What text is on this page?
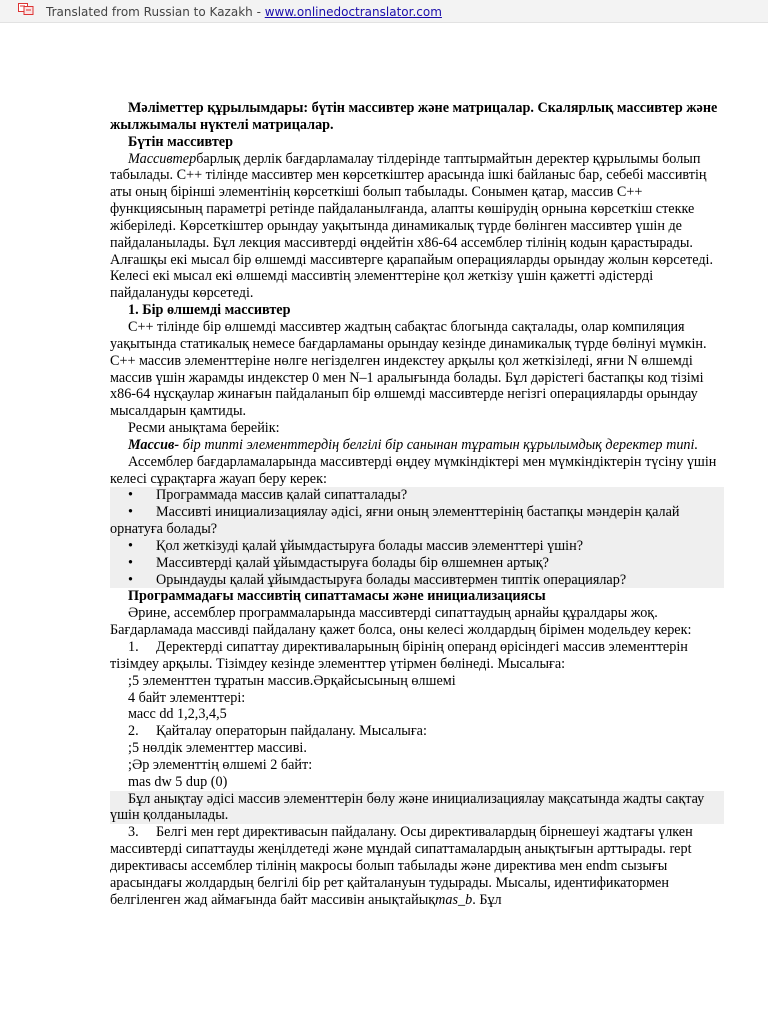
Translated from Russian to Kazakh - www.onlinedoctranslator.com

Мәліметтер құрылымдары: бүтін массивтер және матрицалар. Скалярлық массивтер және жылжымалы нүктелі матрицалар.

Бүтін массивтер

Массивтербарлық дерлік бағдарламалау тілдерінде таптырмайтын деректер құрылымы болып табылады. C++ тілінде массивтер мен көрсеткіштер арасында ішкі байланыс бар, себебі массивтің аты оның бірінші элементінің көрсеткіші болып табылады. Сонымен қатар, массив C++ функциясының параметрі ретінде пайдаланылғанда, алапты көшірудің орнына көрсеткіш стекке жіберіледі. Көрсеткіштер орындау уақытында динамикалық түрде бөлінген массивтер үшін де пайдаланылады. Бұл лекция массивтерді өңдейтін x86-64 ассемблер тілінің кодын қарастырады. Алғашқы екі мысал бір өлшемді массивтерге қарапайым операцияларды орындау жолын көрсетеді. Келесі екі мысал екі өлшемді массивтің элементтеріне қол жеткізу үшін қажетті әдістерді пайдалануды көрсетеді.

1. Бір өлшемді массивтер

C++ тілінде бір өлшемді массивтер жадтың сабақтас блогында сақталады, олар компиляция уақытында статикалық немесе бағдарламаны орындау кезінде динамикалық түрде бөлінуі мүмкін. C++ массив элементтеріне нөлге негізделген индекстеу арқылы қол жеткізіледі, яғни N өлшемді массив үшін жарамды индекстер 0 мен N–1 аралығында болады. Бұл дәрістегі бастапқы код тізімі x86-64 нұсқаулар жинағын пайдаланып бір өлшемді массивтерде негізгі операцияларды орындау мысалдарын қамтиды.

Ресми анықтама берейік:

Массив- бір типті элементтердің белгілі бір санынан тұратын құрылымдық деректер типі.

Ассемблер бағдарламаларында массивтерді өңдеу мүмкіндіктері мен мүмкіндіктерін түсіну үшін келесі сұрақтарға жауап беру керек:

• Программада массив қалай сипатталады?

• Массивті инициализациялау әдісі, яғни оның элементтерінің бастапқы мәндерін қалай орнатуға болады?

• Қол жеткізуді қалай ұйымдастыруға болады массив элементтері үшін?

• Массивтерді қалай ұйымдастыруға болады бір өлшемнен артық?

• Орындауды қалай ұйымдастыруға болады массивтермен типтік операциялар?

Программадағы массивтің сипаттамасы және инициализациясы

Әрине, ассемблер программаларында массивтерді сипаттаудың арнайы құралдары жоқ. Бағдарламада массивді пайдалану қажет болса, оны келесі жолдардың бірімен модельдеу керек:

1. Деректерді сипаттау директиваларының бірінің операнд өрісіндегі массив элементтерін тізімдеу арқылы. Тізімдеу кезінде элементтер үтірмен бөлінеді. Мысалыға:

;5 элементтен тұратын массив.Әрқайсысының өлшемі

4 байт элементтері:

масс dd 1,2,3,4,5

2. Қайталау операторын пайдалану. Мысалыға:

;5 нөлдік элементтер массиві.

;Әр элементтің өлшемі 2 байт:

mas dw 5 dup (0)

Бұл анықтау әдісі массив элементтерін бөлу және инициализациялау мақсатында жадты сақтау үшін қолданылады.

3. Белгі мен rept директивасын пайдалану. Осы директивалардың бірнешеуі жадтағы үлкен массивтерді сипаттауды жеңілдетеді және мұндай сипаттамалардың анықтығын арттырады. rept директивасы ассемблер тілінің макросы болып табылады және директива мен endm сызығы арасындағы жолдардың белгілі бір рет қайталануын тудырады. Мысалы, идентификатормен белгіленген жад аймағында байт массивін анықтайықmas_b. Бұл
